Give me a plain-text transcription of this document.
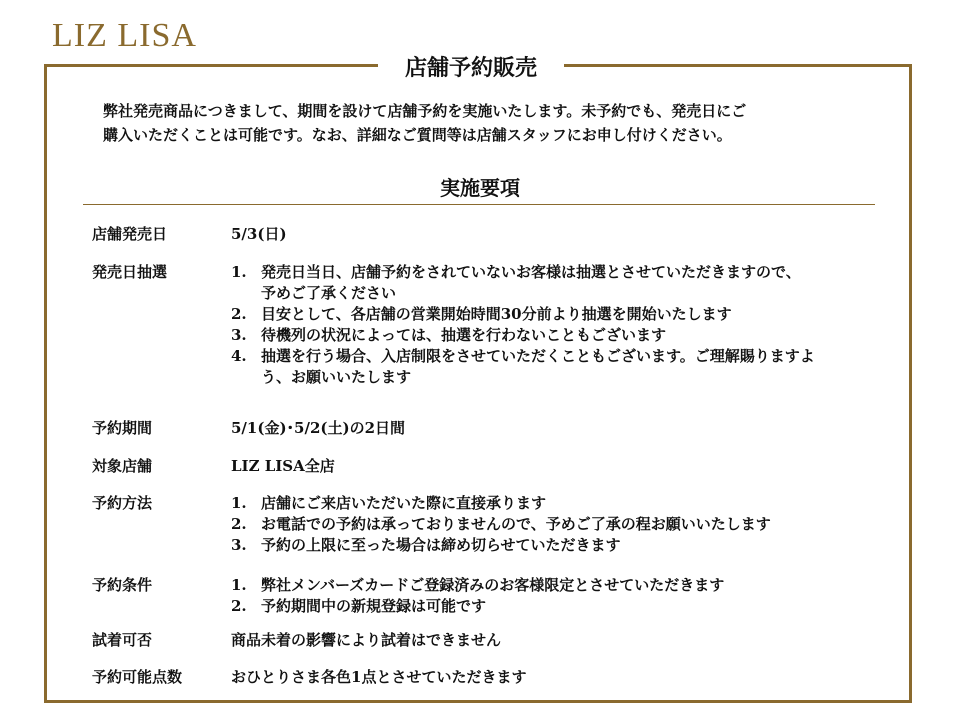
LIZ LISA
店舗予約販売

弊社発売商品につきまして、期間を設けて店舗予約を実施いたします。未予約でも、発売日にご

購入いただくことは可能です。なお、詳細なご質問等は店舗スタッフにお申し付けください。

実施要項
店舗発売日	5/3(日)
発売日抽選	1. 発売日当日、店舗予約をされていないお客様は抽選とさせていただきますので、
予めご了承ください
2. 目安として、各店舗の営業開始時間30分前より抽選を開始いたします
3. 待機列の状況によっては、抽選を行わないこともございます
4. 抽選を行う場合、入店制限をさせていただくこともございます。ご理解賜りますよ
う、お願いいたします
予約期間	5/1(金)･5/2(土)の2日間
対象店舗	LIZ LISA全店
予約方法	1. 店舗にご来店いただいた際に直接承ります
2. お電話での予約は承っておりませんので、予めご了承の程お願いいたします
3. 予約の上限に至った場合は締め切らせていただきます
予約条件	1. 弊社メンバーズカードご登録済みのお客様限定とさせていただきます
2. 予約期間中の新規登録は可能です
試着可否	商品未着の影響により試着はできません
予約可能点数	おひとりさま各色1点とさせていただきます
